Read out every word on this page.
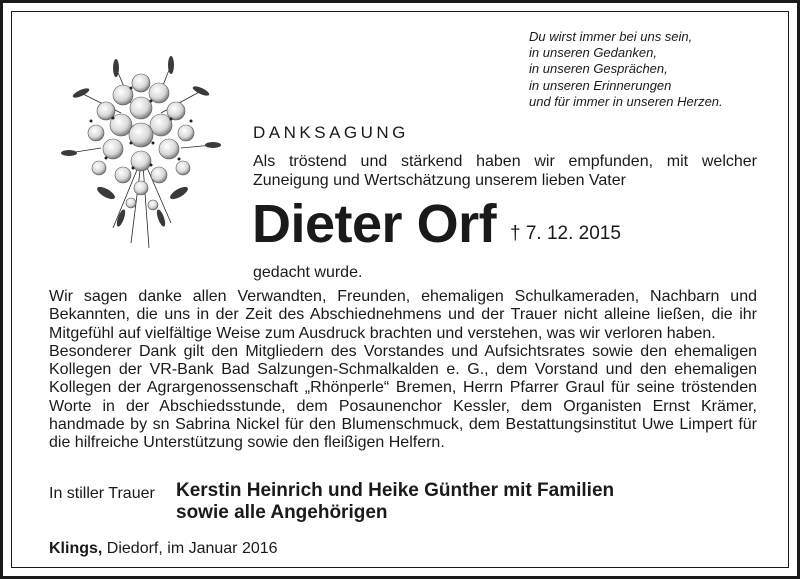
Du wirst immer bei uns sein,
in unseren Gedanken,
in unseren Gesprächen,
in unseren Erinnerungen
und für immer in unseren Herzen.
DANKSAGUNG
Als tröstend und stärkend haben wir empfunden, mit welcher Zuneigung und Wertschätzung unserem lieben Vater
Dieter Orf † 7. 12. 2015
gedacht wurde.

Wir sagen danke allen Verwandten, Freunden, ehemaligen Schulkameraden, Nachbarn und Bekannten, die uns in der Zeit des Abschiednehmens und der Trauer nicht alleine ließen, die ihr Mitgefühl auf vielfältige Weise zum Ausdruck brachten und verstehen, was wir verloren haben.

Besonderer Dank gilt den Mitgliedern des Vorstandes und Aufsichtsrates sowie den ehemaligen Kollegen der VR-Bank Bad Salzungen-Schmalkalden e. G., dem Vorstand und den ehemaligen Kollegen der Agrargenossenschaft „Rhönperle“ Bremen, Herrn Pfarrer Graul für seine tröstenden Worte in der Abschiedsstunde, dem Posaunenchor Kessler, dem Organisten Ernst Krämer, handmade by sn Sabrina Nickel für den Blumenschmuck, dem Bestattungsinstitut Uwe Limpert für die hilfreiche Unterstützung sowie den fleißigen Helfern.

In stiller Trauer Kerstin Heinrich und Heike Günther mit Familien
sowie alle Angehörigen
Klings, Diedorf, im Januar 2016
